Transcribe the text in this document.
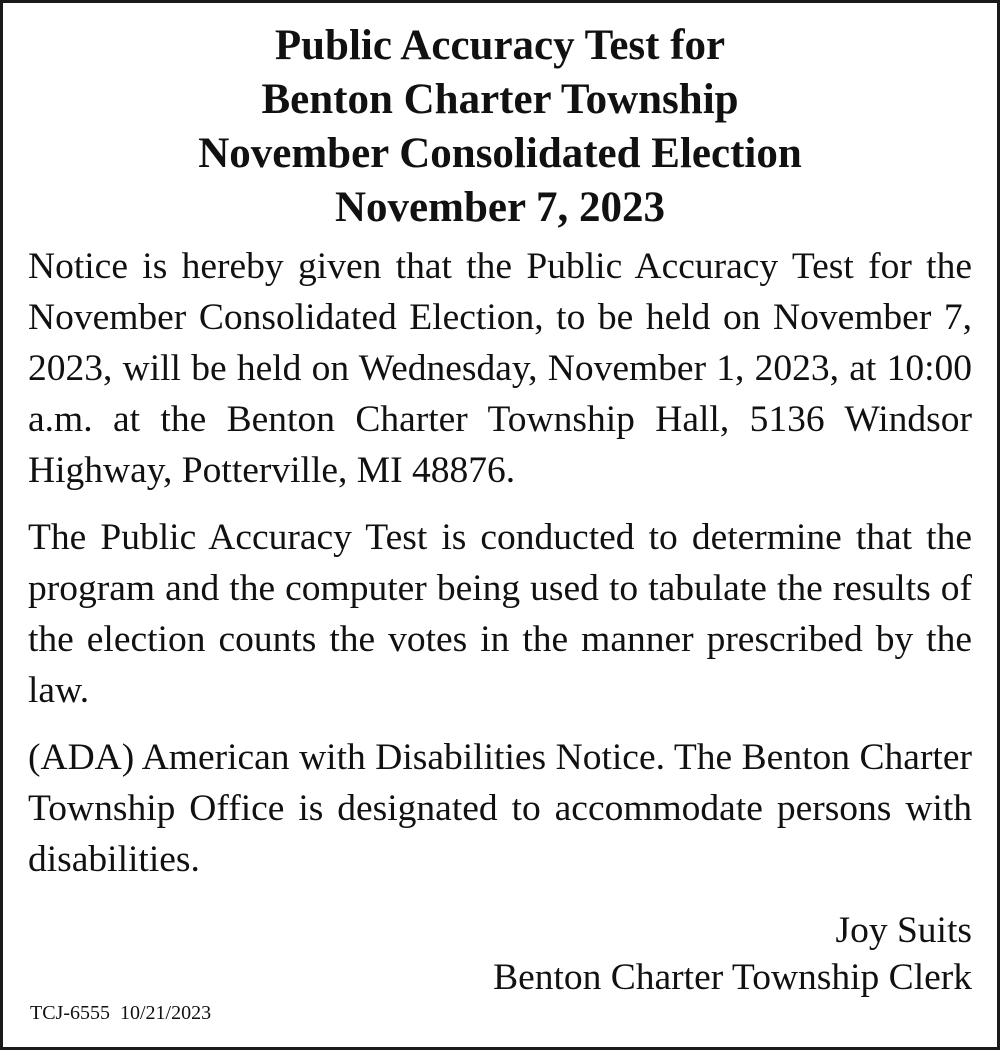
Public Accuracy Test for
Benton Charter Township
November Consolidated Election
November 7, 2023

Notice is hereby given that the Public Accuracy Test for the November Consolidated Election, to be held on November 7, 2023, will be held on Wednesday, November 1, 2023, at 10:00 a.m. at the Benton Charter Township Hall, 5136 Windsor Highway, Potterville, MI 48876.

The Public Accuracy Test is conducted to determine that the program and the computer being used to tabulate the results of the election counts the votes in the manner prescribed by the law.

(ADA) American with Disabilities Notice. The Benton Charter Township Office is designated to accommodate persons with disabilities.

Joy Suits
Benton Charter Township Clerk
TCJ-6555  10/21/2023
